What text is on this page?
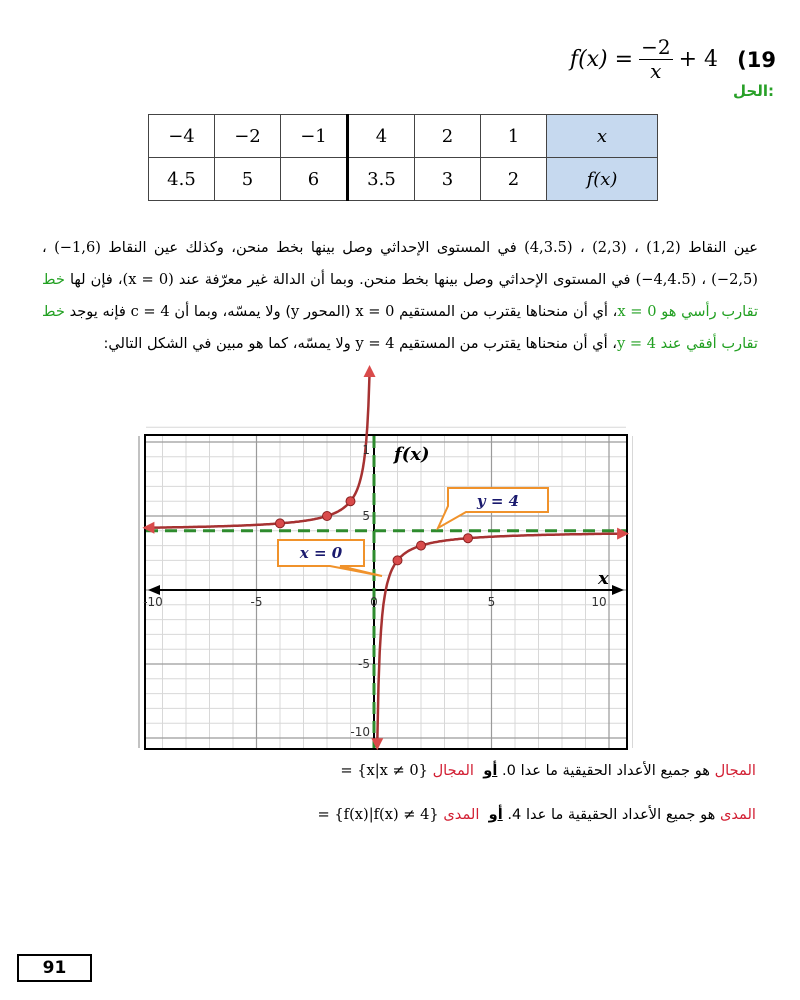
$f(x) = \frac{-2}{x} + 4$ (19
الحل:
−4	−2	−1	4	2	1	x
4.5	5	6	3.5	3	2	f(x)

عين النقاط (1,2) ، (2,3) ، (4,3.5) في المستوى الإحداثي وصل بينها بخط منحن، وكذلك عين النقاط (−1,6) ، (−2,5) ، (−4,4.5) في المستوى الإحداثي وصل بينها بخط منحن. وبما أن الدالة غير معرّفة عند (x = 0)، فإن لها خط تقارب رأسي هو x = 0، أي أن منحناها يقترب من المستقيم x = 0 (المحور y) ولا يمسّه، وبما أن c = 4 فإنه يوجد خط تقارب أفقي عند y = 4، أي أن منحناها يقترب من المستقيم y = 4 ولا يمسّه، كما هو مبين في الشكل التالي:

-10	-5	0	5	10
1
5
-5
-10
y = 4
x = 0
f(x)
x
المجال هو جميع الأعداد الحقيقية ما عدا 0. أو  المجال = {x|x ≠ 0}
المدى هو جميع الأعداد الحقيقية ما عدا 4. أو  المدى = {f(x)|f(x) ≠ 4}
91
